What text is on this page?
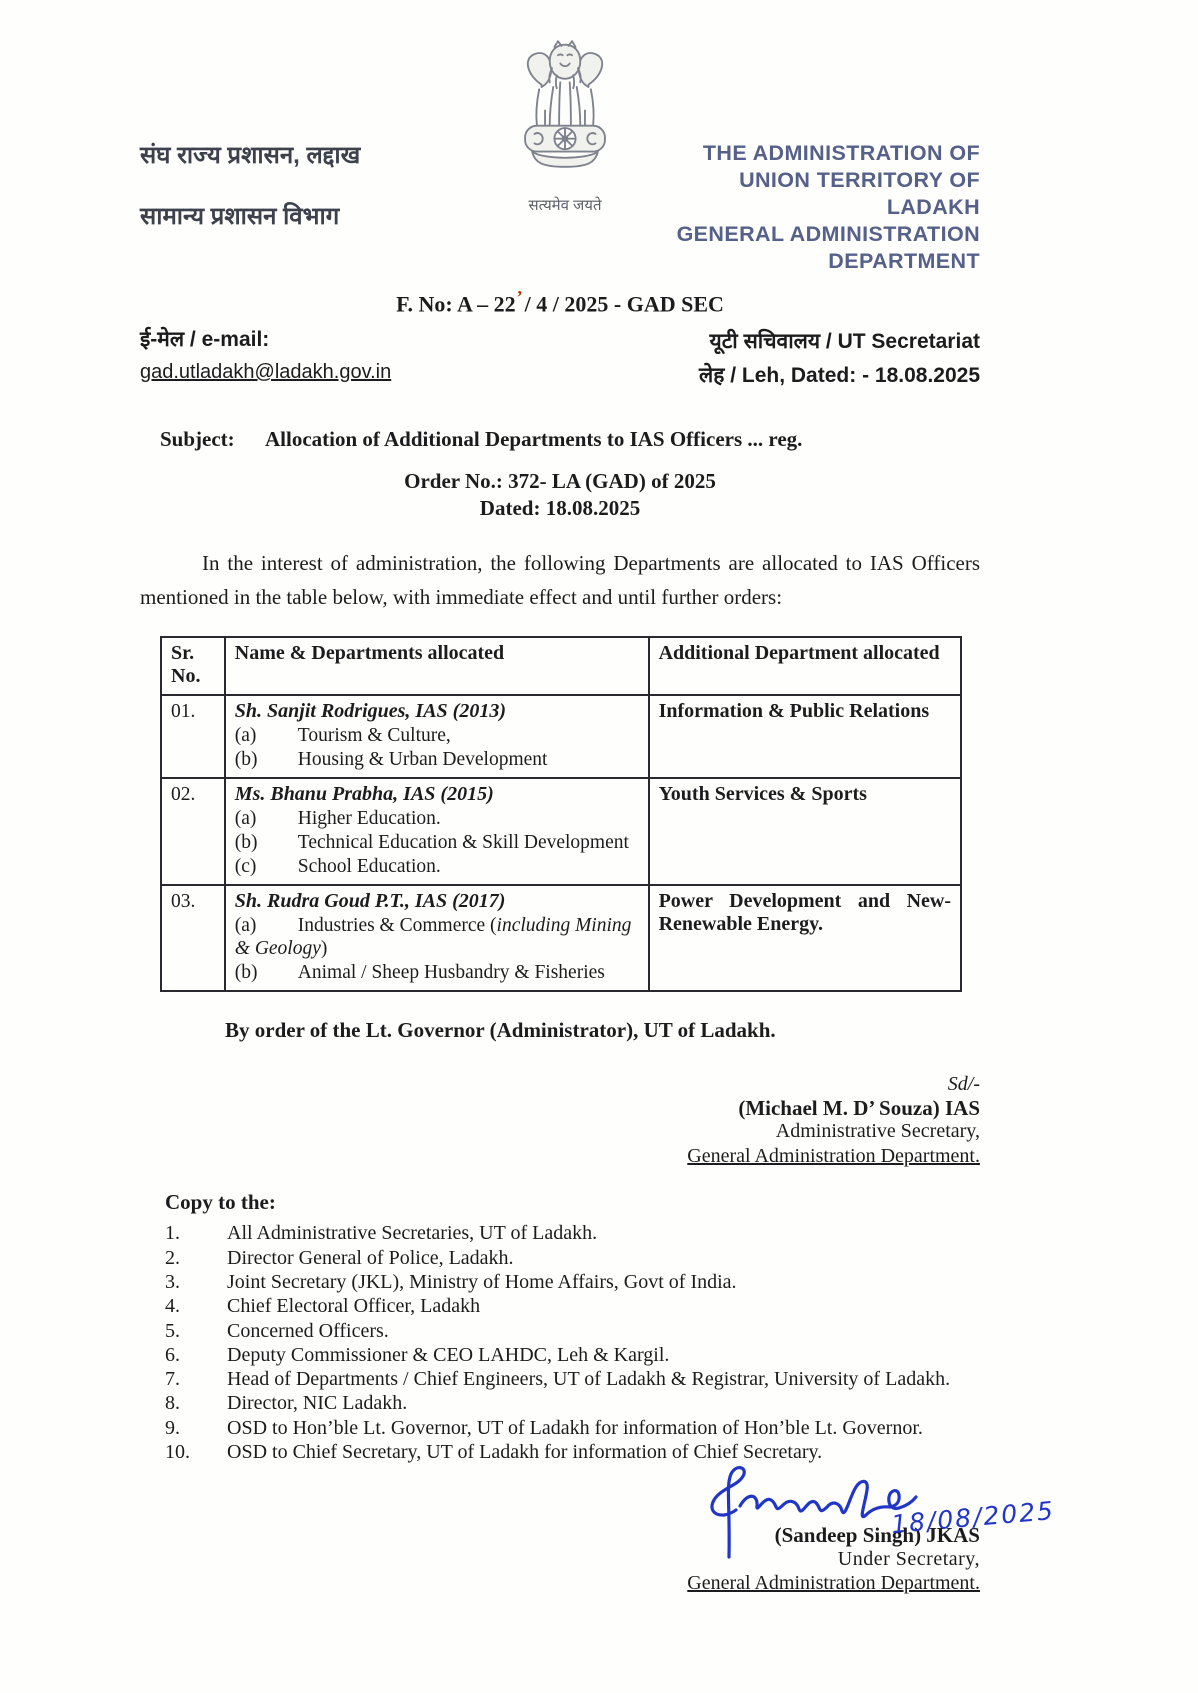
संघ राज्य प्रशासन, लद्दाख
सामान्य प्रशासन विभाग	सत्यमेव जयते
THE ADMINISTRATION OF
UNION TERRITORY OF LADAKH
GENERAL ADMINISTRATION
DEPARTMENT
F. No: A – $22^ʼ/$ 4 / 2025 - GAD SEC
ई-मेल / e-mail:
gad.utladakh@ladakh.gov.in
यूटी सचिवालय / UT Secretariat
लेह / Leh, Dated: - 18.08.2025
Subject:	Allocation of Additional Departments to IAS Officers ... reg.
Order No.: 372- LA (GAD) of 2025
Dated: 18.08.2025
In the interest of administration, the following Departments are allocated to IAS Officers mentioned in the table below, with immediate effect and until further orders:
Sr. No.	Name & Departments allocated	Additional Department allocated
01.	Sh. Sanjit Rodrigues, IAS (2013)
(a) Tourism & Culture,
(b) Housing & Urban Development	Information & Public Relations
02.	Ms. Bhanu Prabha, IAS (2015)
(a) Higher Education.
(b) Technical Education & Skill Development
(c) School Education.	Youth Services & Sports
03.	Sh. Rudra Goud P.T., IAS (2017)
(a) Industries & Commerce (including Mining & Geology)
(b) Animal / Sheep Husbandry & Fisheries	Power Development and New-Renewable Energy.
By order of the Lt. Governor (Administrator), UT of Ladakh.
Sd/-
(Michael M. D’ Souza) IAS
Administrative Secretary,
General Administration Department.
Copy to the:
1.	All Administrative Secretaries, UT of Ladakh.
2.	Director General of Police, Ladakh.
3.	Joint Secretary (JKL), Ministry of Home Affairs, Govt of India.
4.	Chief Electoral Officer, Ladakh
5.	Concerned Officers.
6.	Deputy Commissioner & CEO LAHDC, Leh & Kargil.
7.	Head of Departments / Chief Engineers, UT of Ladakh & Registrar, University of Ladakh.
8.	Director, NIC Ladakh.
9.	OSD to Hon’ble Lt. Governor, UT of Ladakh for information of Hon’ble Lt. Governor.
10.	OSD to Chief Secretary, UT of Ladakh for information of Chief Secretary.
18/08/2025
(Sandeep Singh) JKAS
Under Secretary,
General Administration Department.
